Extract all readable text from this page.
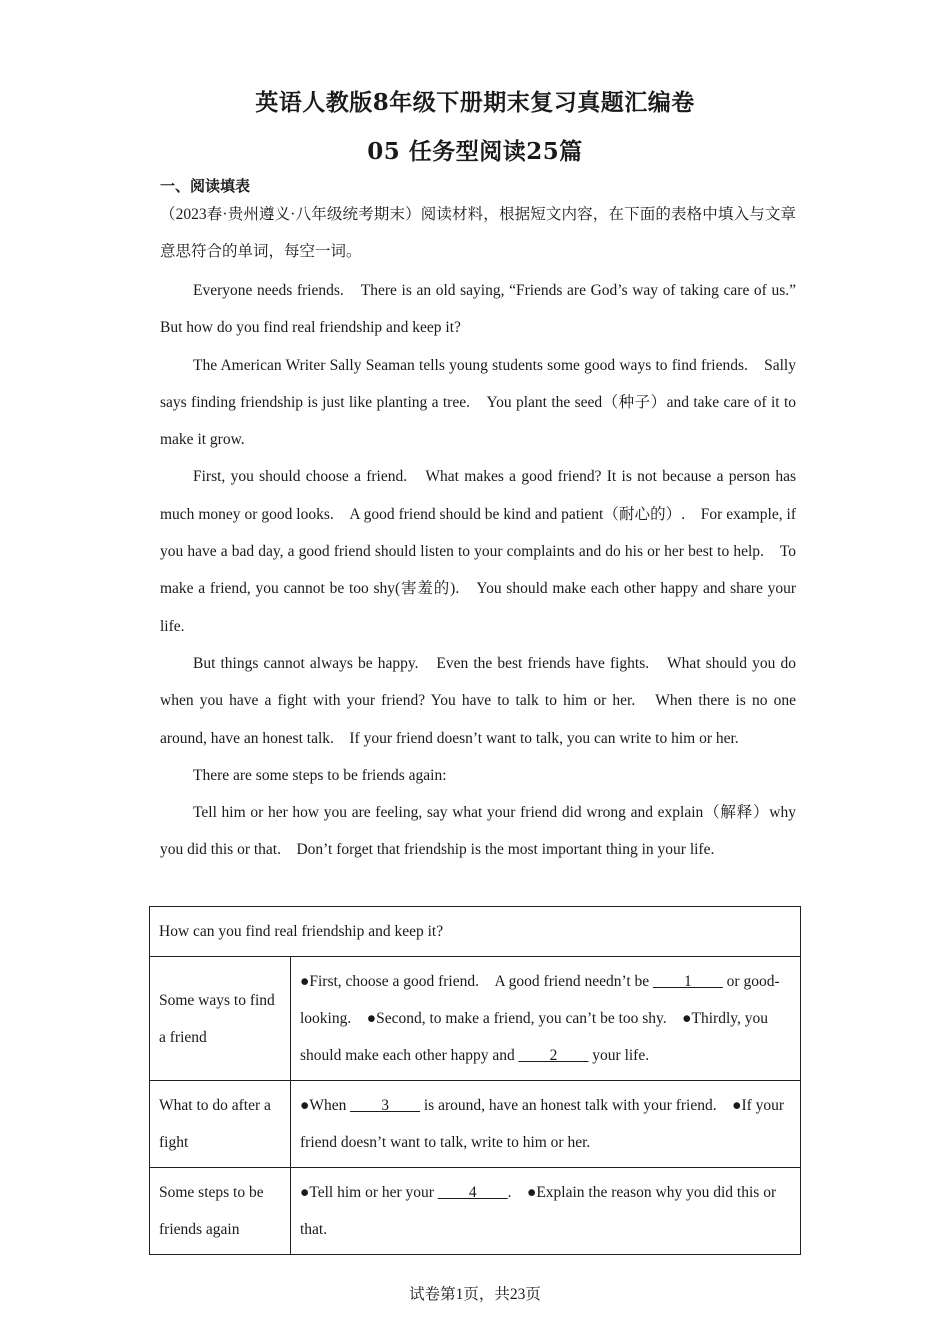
英语人教版8年级下册期末复习真题汇编卷
05 任务型阅读25篇
一、阅读填表

（2023春·贵州遵义·八年级统考期末）阅读材料，根据短文内容，在下面的表格中填入与文章意思符合的单词，每空一词。

Everyone needs friends.　There is an old saying, “Friends are God’s way of taking care of us.” But how do you find real friendship and keep it?

The American Writer Sally Seaman tells young students some good ways to find friends.　Sally says finding friendship is just like planting a tree.　You plant the seed（种子）and take care of it to make it grow.

First, you should choose a friend.　What makes a good friend? It is not because a person has much money or good looks.　A good friend should be kind and patient（耐心的）.　For example, if you have a bad day, a good friend should listen to your complaints and do his or her best to help.　To make a friend, you cannot be too shy(害羞的).　You should make each other happy and share your life.

But things cannot always be happy.　Even the best friends have fights.　What should you do when you have a fight with your friend? You have to talk to him or her.　When there is no one around, have an honest talk.　If your friend doesn’t want to talk, you can write to him or her.

There are some steps to be friends again:

Tell him or her how you are feeling, say what your friend did wrong and explain（解释）why you did this or that.　Don’t forget that friendship is the most important thing in your life.

How can you find real friendship and keep it?	
Some ways to find a friend	●First, choose a good friend.　A good friend needn’t be ____1____ or good-looking.　●Second, to make a friend, you can’t be too shy.　●Thirdly, you should make each other happy and ____2____ your life.
What to do after a fight	●When ____3____ is around, have an honest talk with your friend.　●If your friend doesn’t want to talk, write to him or her.
Some steps to be friends again	●Tell him or her your ____4____.　●Explain the reason why you did this or that.
试卷第1页，共23页
